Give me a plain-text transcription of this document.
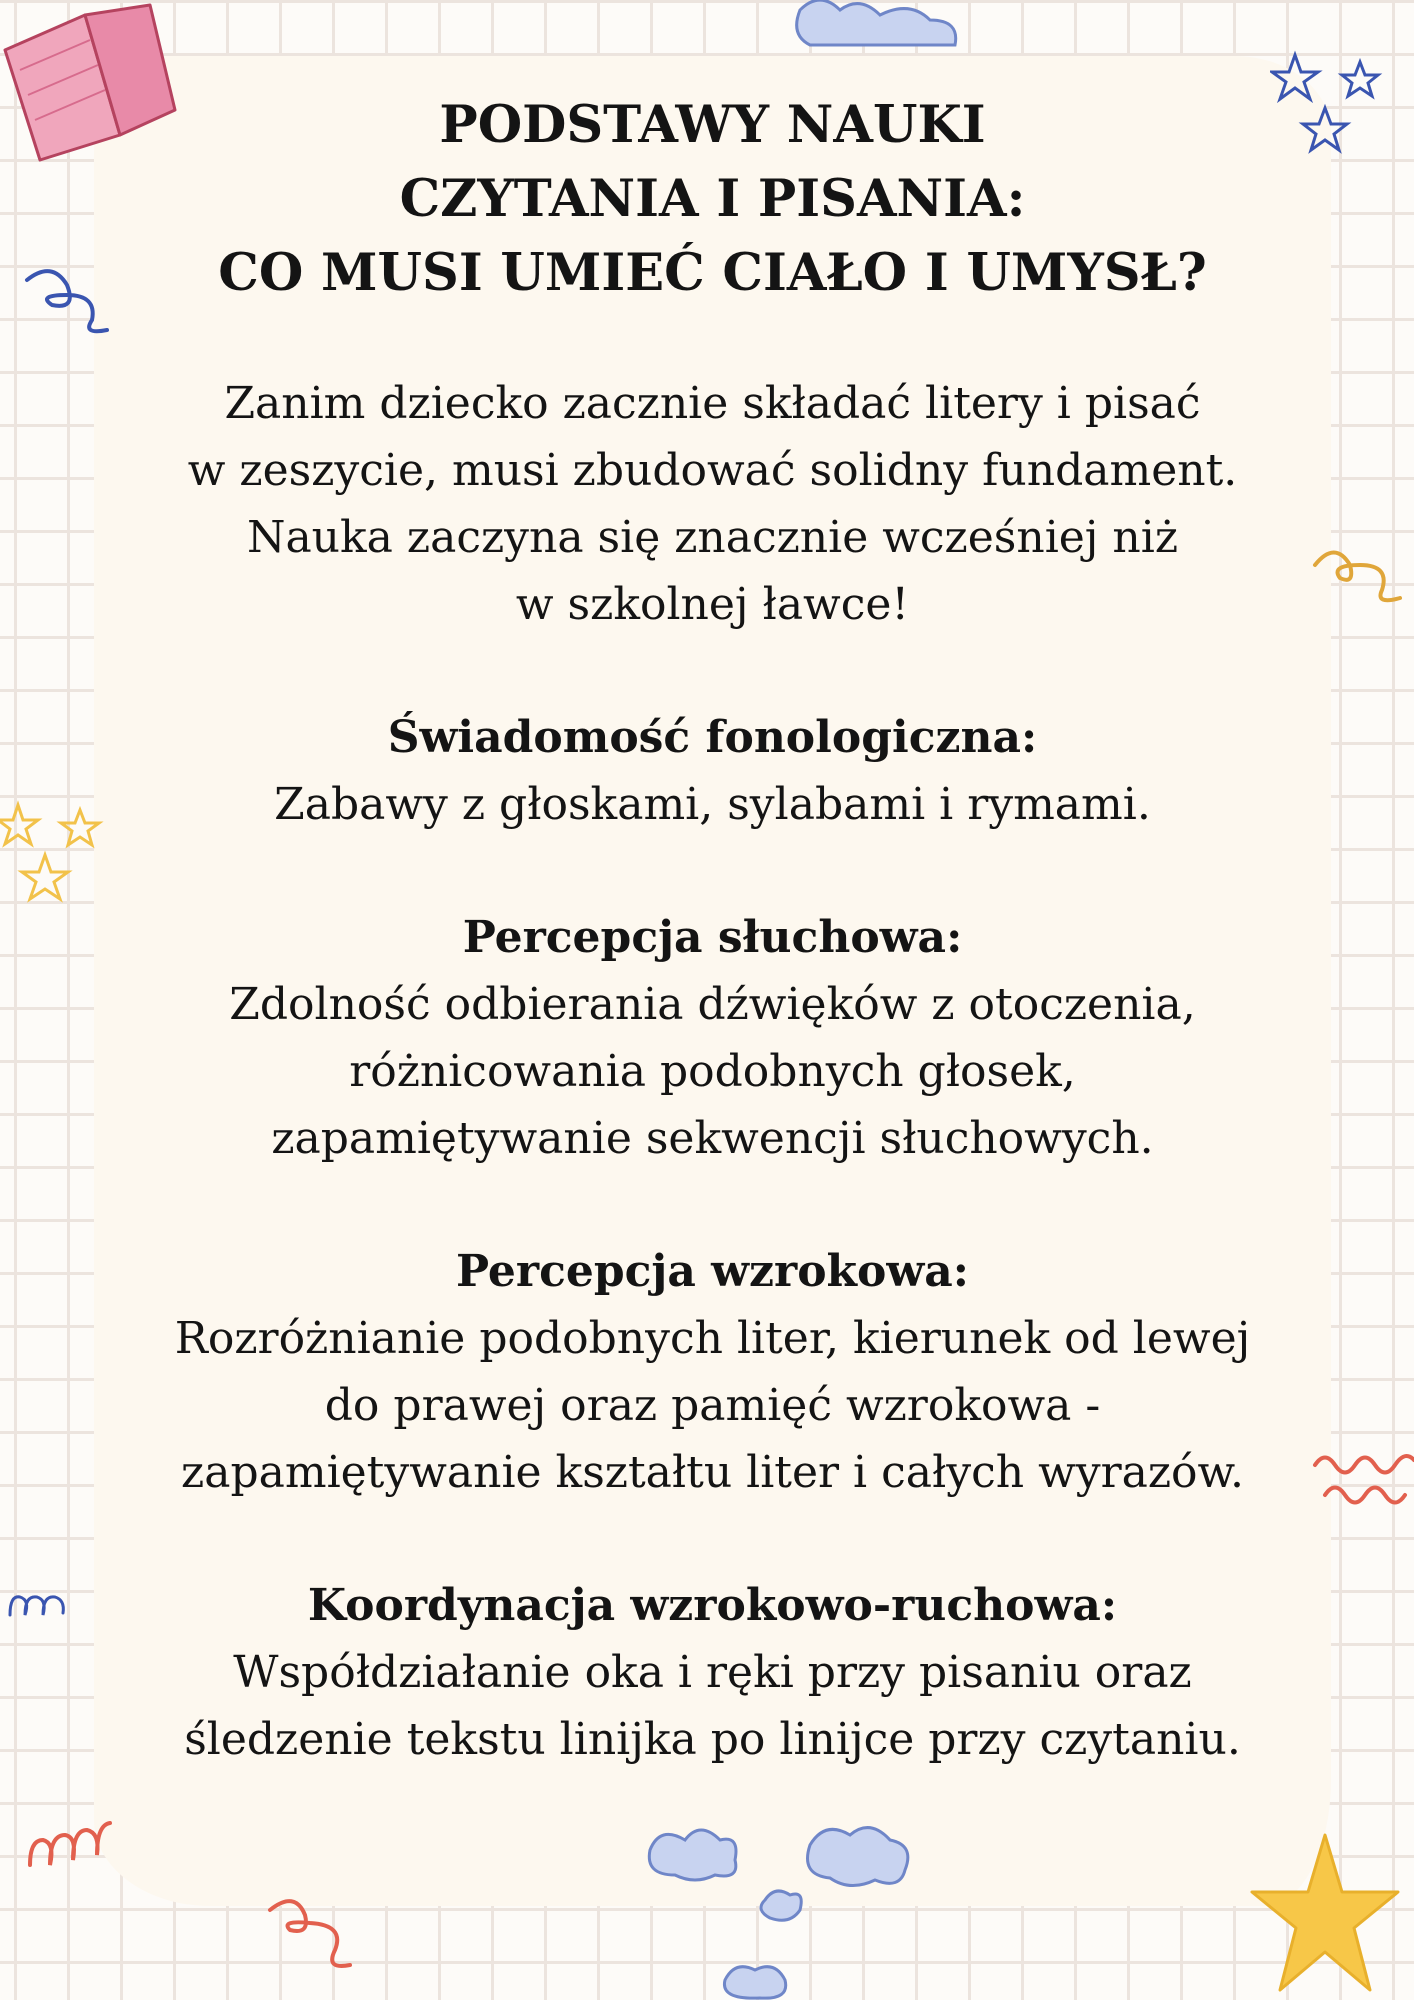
PODSTAWY NAUKI
CZYTANIA I PISANIA:
CO MUSI UMIEĆ CIAŁO I UMYSŁ?

Zanim dziecko zacznie składać litery i pisać
w zeszycie, musi zbudować solidny fundament.
Nauka zaczyna się znacznie wcześniej niż
w szkolnej ławce!

Świadomość fonologiczna:
Zabawy z głoskami, sylabami i rymami.

Percepcja słuchowa:
Zdolność odbierania dźwięków z otoczenia,
różnicowania podobnych głosek,
zapamiętywanie sekwencji słuchowych.

Percepcja wzrokowa:
Rozróżnianie podobnych liter, kierunek od lewej
do prawej oraz pamięć wzrokowa -
zapamiętywanie kształtu liter i całych wyrazów.

Koordynacja wzrokowo-ruchowa:
Współdziałanie oka i ręki przy pisaniu oraz
śledzenie tekstu linijka po linijce przy czytaniu.
